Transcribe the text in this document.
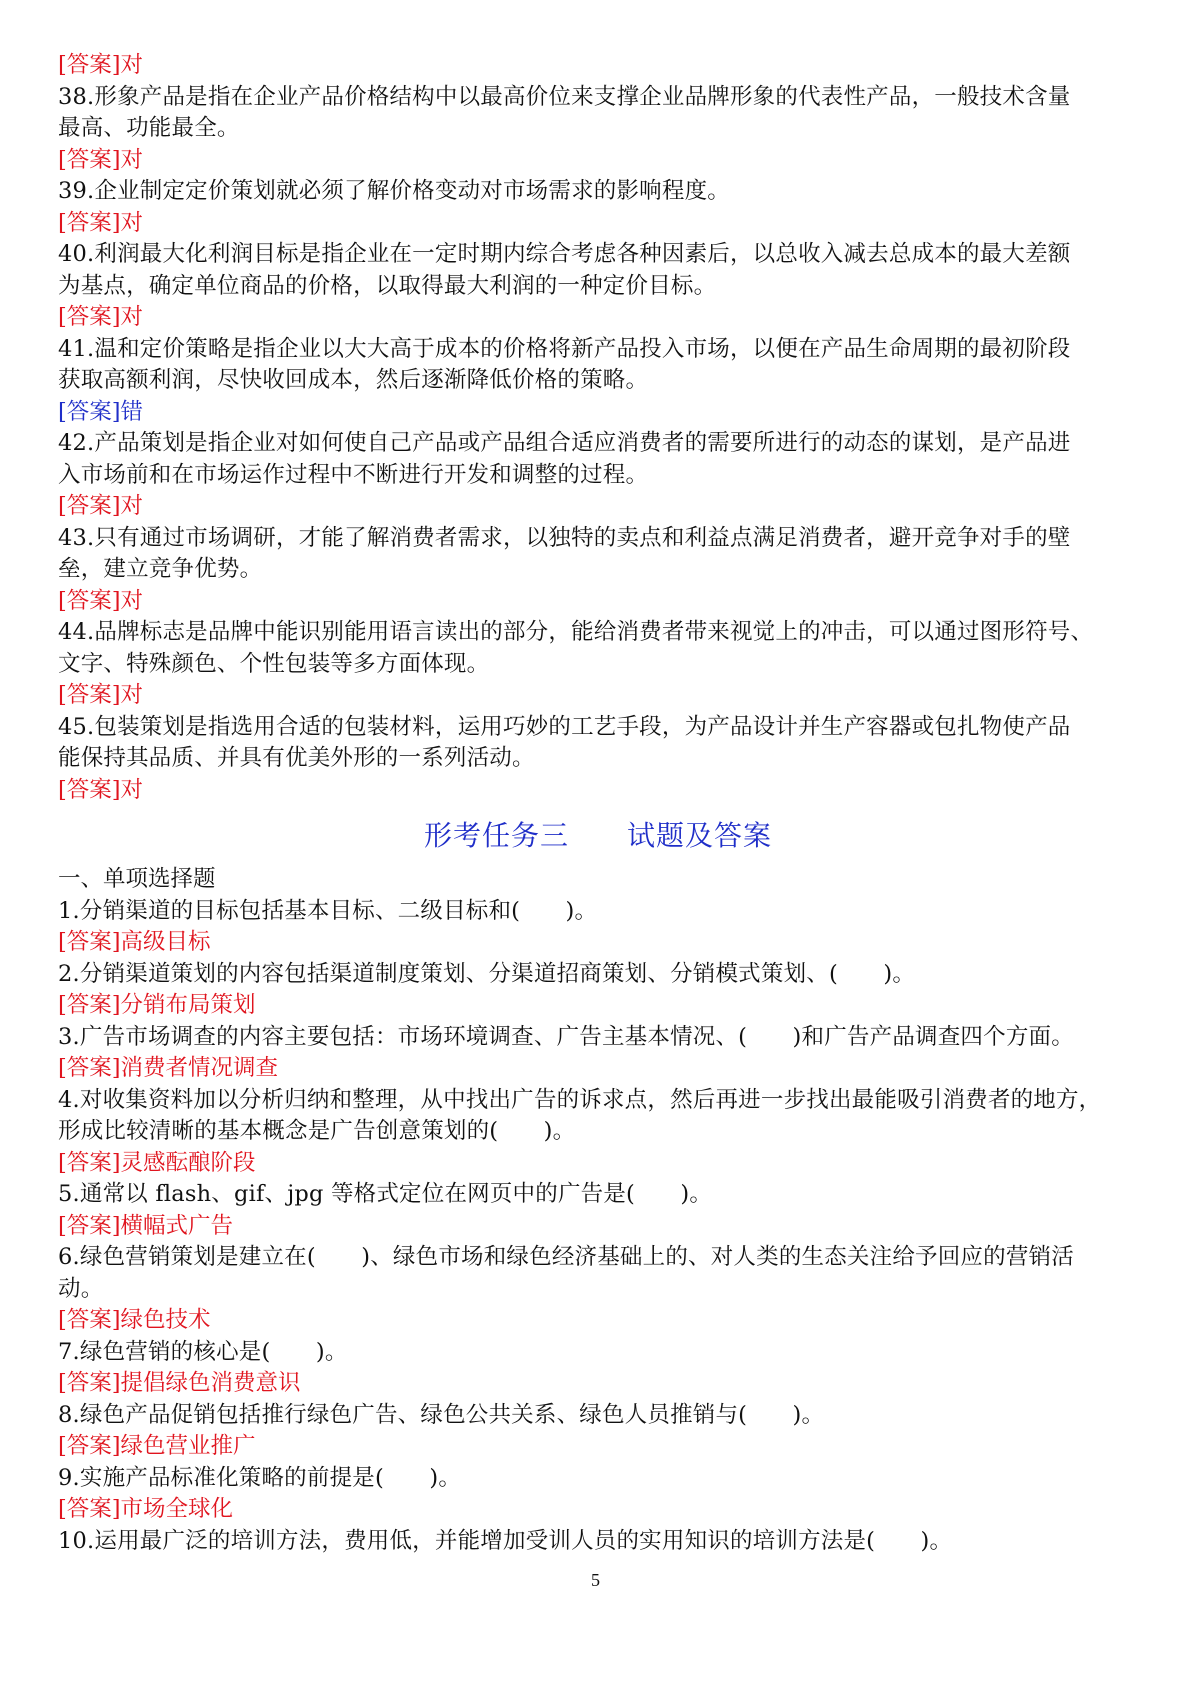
[答案]对
38.形象产品是指在企业产品价格结构中以最高价位来支撑企业品牌形象的代表性产品，一般技术含量
最高、功能最全。
[答案]对
39.企业制定定价策划就必须了解价格变动对市场需求的影响程度。
[答案]对
40.利润最大化利润目标是指企业在一定时期内综合考虑各种因素后，以总收入减去总成本的最大差额
为基点，确定单位商品的价格，以取得最大利润的一种定价目标。
[答案]对
41.温和定价策略是指企业以大大高于成本的价格将新产品投入市场，以便在产品生命周期的最初阶段
获取高额利润，尽快收回成本，然后逐渐降低价格的策略。
[答案]错
42.产品策划是指企业对如何使自己产品或产品组合适应消费者的需要所进行的动态的谋划，是产品进
入市场前和在市场运作过程中不断进行开发和调整的过程。
[答案]对
43.只有通过市场调研，才能了解消费者需求，以独特的卖点和利益点满足消费者，避开竞争对手的壁
垒，建立竞争优势。
[答案]对
44.品牌标志是品牌中能识别能用语言读出的部分，能给消费者带来视觉上的冲击，可以通过图形符号、
文字、特殊颜色、个性包装等多方面体现。
[答案]对
45.包装策划是指选用合适的包装材料，运用巧妙的工艺手段，为产品设计并生产容器或包扎物使产品
能保持其品质、并具有优美外形的一系列活动。
[答案]对
形考任务三 试题及答案
一、单项选择题
1.分销渠道的目标包括基本目标、二级目标和(　　)。
[答案]高级目标
2.分销渠道策划的内容包括渠道制度策划、分渠道招商策划、分销模式策划、(　　)。
[答案]分销布局策划
3.广告市场调查的内容主要包括：市场环境调查、广告主基本情况、(　　)和广告产品调查四个方面。
[答案]消费者情况调查
4.对收集资料加以分析归纳和整理，从中找出广告的诉求点，然后再进一步找出最能吸引消费者的地方，
形成比较清晰的基本概念是广告创意策划的(　　)。
[答案]灵感酝酿阶段
5.通常以 flash、gif、jpg 等格式定位在网页中的广告是(　　)。
[答案]横幅式广告
6.绿色营销策划是建立在(　　)、绿色市场和绿色经济基础上的、对人类的生态关注给予回应的营销活
动。
[答案]绿色技术
7.绿色营销的核心是(　　)。
[答案]提倡绿色消费意识
8.绿色产品促销包括推行绿色广告、绿色公共关系、绿色人员推销与(　　)。
[答案]绿色营业推广
9.实施产品标准化策略的前提是(　　)。
[答案]市场全球化
10.运用最广泛的培训方法，费用低，并能增加受训人员的实用知识的培训方法是(　　)。
5
